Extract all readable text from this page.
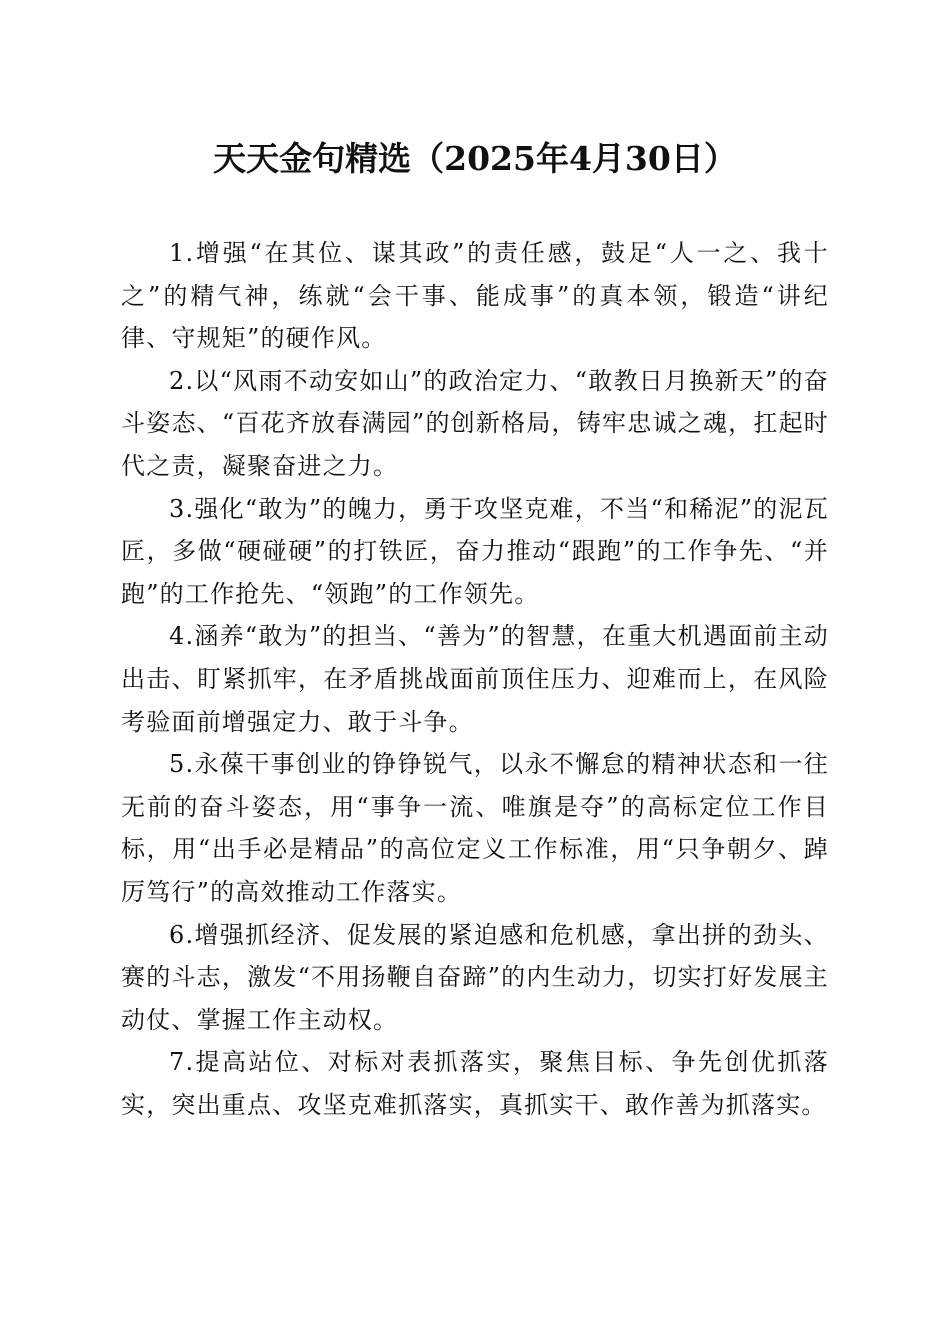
天天金句精选（2025年4月30日）

1.增强“在其位、谋其政”的责任感，鼓足“人一之、我十之”的精气神，练就“会干事、能成事”的真本领，锻造“讲纪律、守规矩”的硬作风。

2.以“风雨不动安如山”的政治定力、“敢教日月换新天”的奋斗姿态、“百花齐放春满园”的创新格局，铸牢忠诚之魂，扛起时代之责，凝聚奋进之力。

3.强化“敢为”的魄力，勇于攻坚克难，不当“和稀泥”的泥瓦匠，多做“硬碰硬”的打铁匠，奋力推动“跟跑”的工作争先、“并跑”的工作抢先、“领跑”的工作领先。

4.涵养“敢为”的担当、“善为”的智慧，在重大机遇面前主动出击、盯紧抓牢，在矛盾挑战面前顶住压力、迎难而上，在风险考验面前增强定力、敢于斗争。

5.永葆干事创业的铮铮锐气，以永不懈怠的精神状态和一往无前的奋斗姿态，用“事争一流、唯旗是夺”的高标定位工作目标，用“出手必是精品”的高位定义工作标准，用“只争朝夕、踔厉笃行”的高效推动工作落实。

6.增强抓经济、促发展的紧迫感和危机感，拿出拼的劲头、赛的斗志，激发“不用扬鞭自奋蹄”的内生动力，切实打好发展主动仗、掌握工作主动权。

7.提高站位、对标对表抓落实，聚焦目标、争先创优抓落实，突出重点、攻坚克难抓落实，真抓实干、敢作善为抓落实。
